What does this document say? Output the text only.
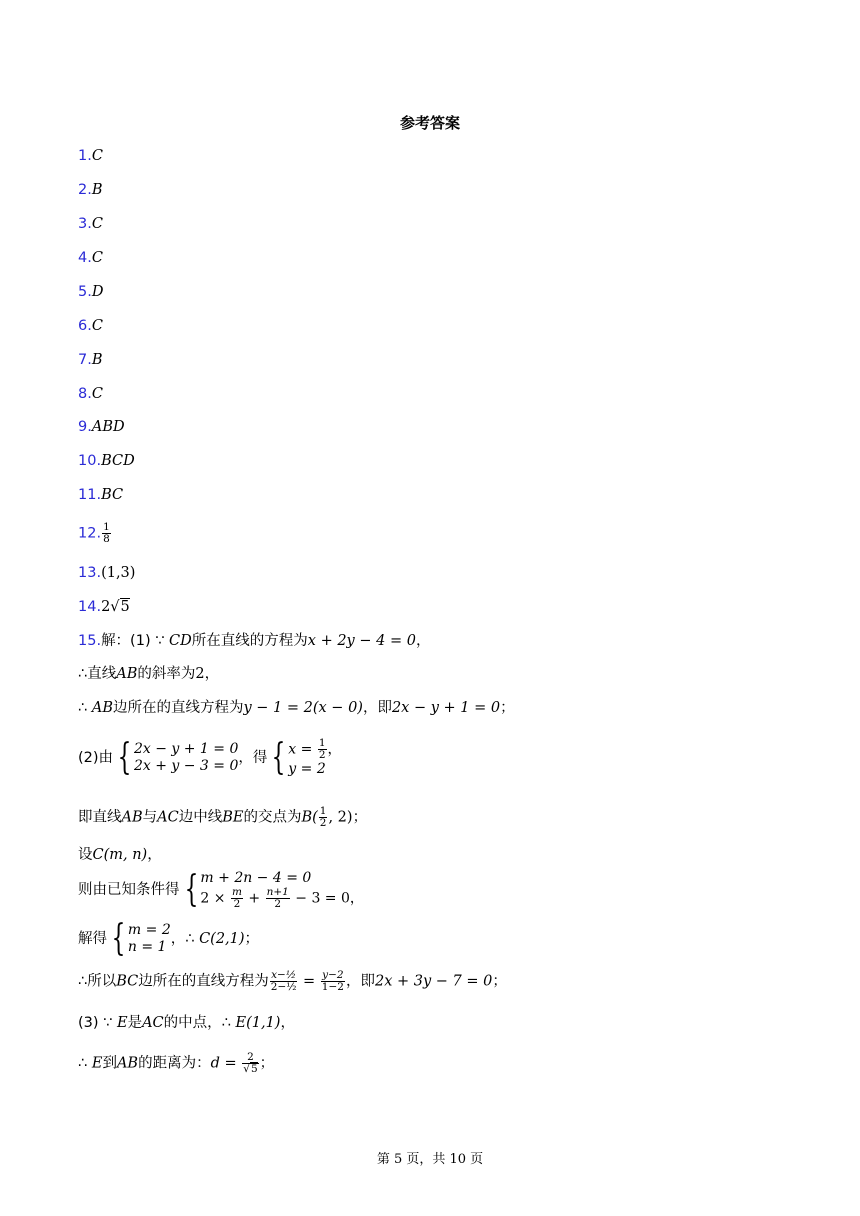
参考答案
1.C
2.B
3.C
4.C
5.D
6.C
7.B
8.C
9.ABD
10.BCD
11.BC
12. $\frac{1}{8}$
13.(1,3)
14.2√5
15.解：(1) ∵ CD所在直线的方程为x + 2y − 4 = 0，
∴直线AB的斜率为2，
∴ AB边所在的直线方程为y − 1 = 2(x − 0)，即2x − y + 1 = 0；
(2)由 { 2x − y + 1 = 0
2x + y − 3 = 0 ，得 { $x = \frac{1}{2}$ ，
y = 2
即直线AB与AC边中线BE的交点为$B( \frac{1}{2}$ , 2)；
设C(m, n)，
则由已知条件得 { m + 2n − 4 = 0
$2 \times \frac{m}{2} + \frac{n+1}{2} - 3 = 0$，
解得 { m = 2
n = 1 ，∴ C(2,1)；
∴所以BC边所在的直线方程为 $\frac{\text{x−½}}{\text{2−½}} = \frac{y-2}{1-2}$ ，即2x + 3y − 7 = 0；
(3) ∵ E是AC的中点，∴ E(1,1)，
∴ E到AB的距离为：$d = \frac{2}{√5}$ ；
第 5 页，共 10 页
